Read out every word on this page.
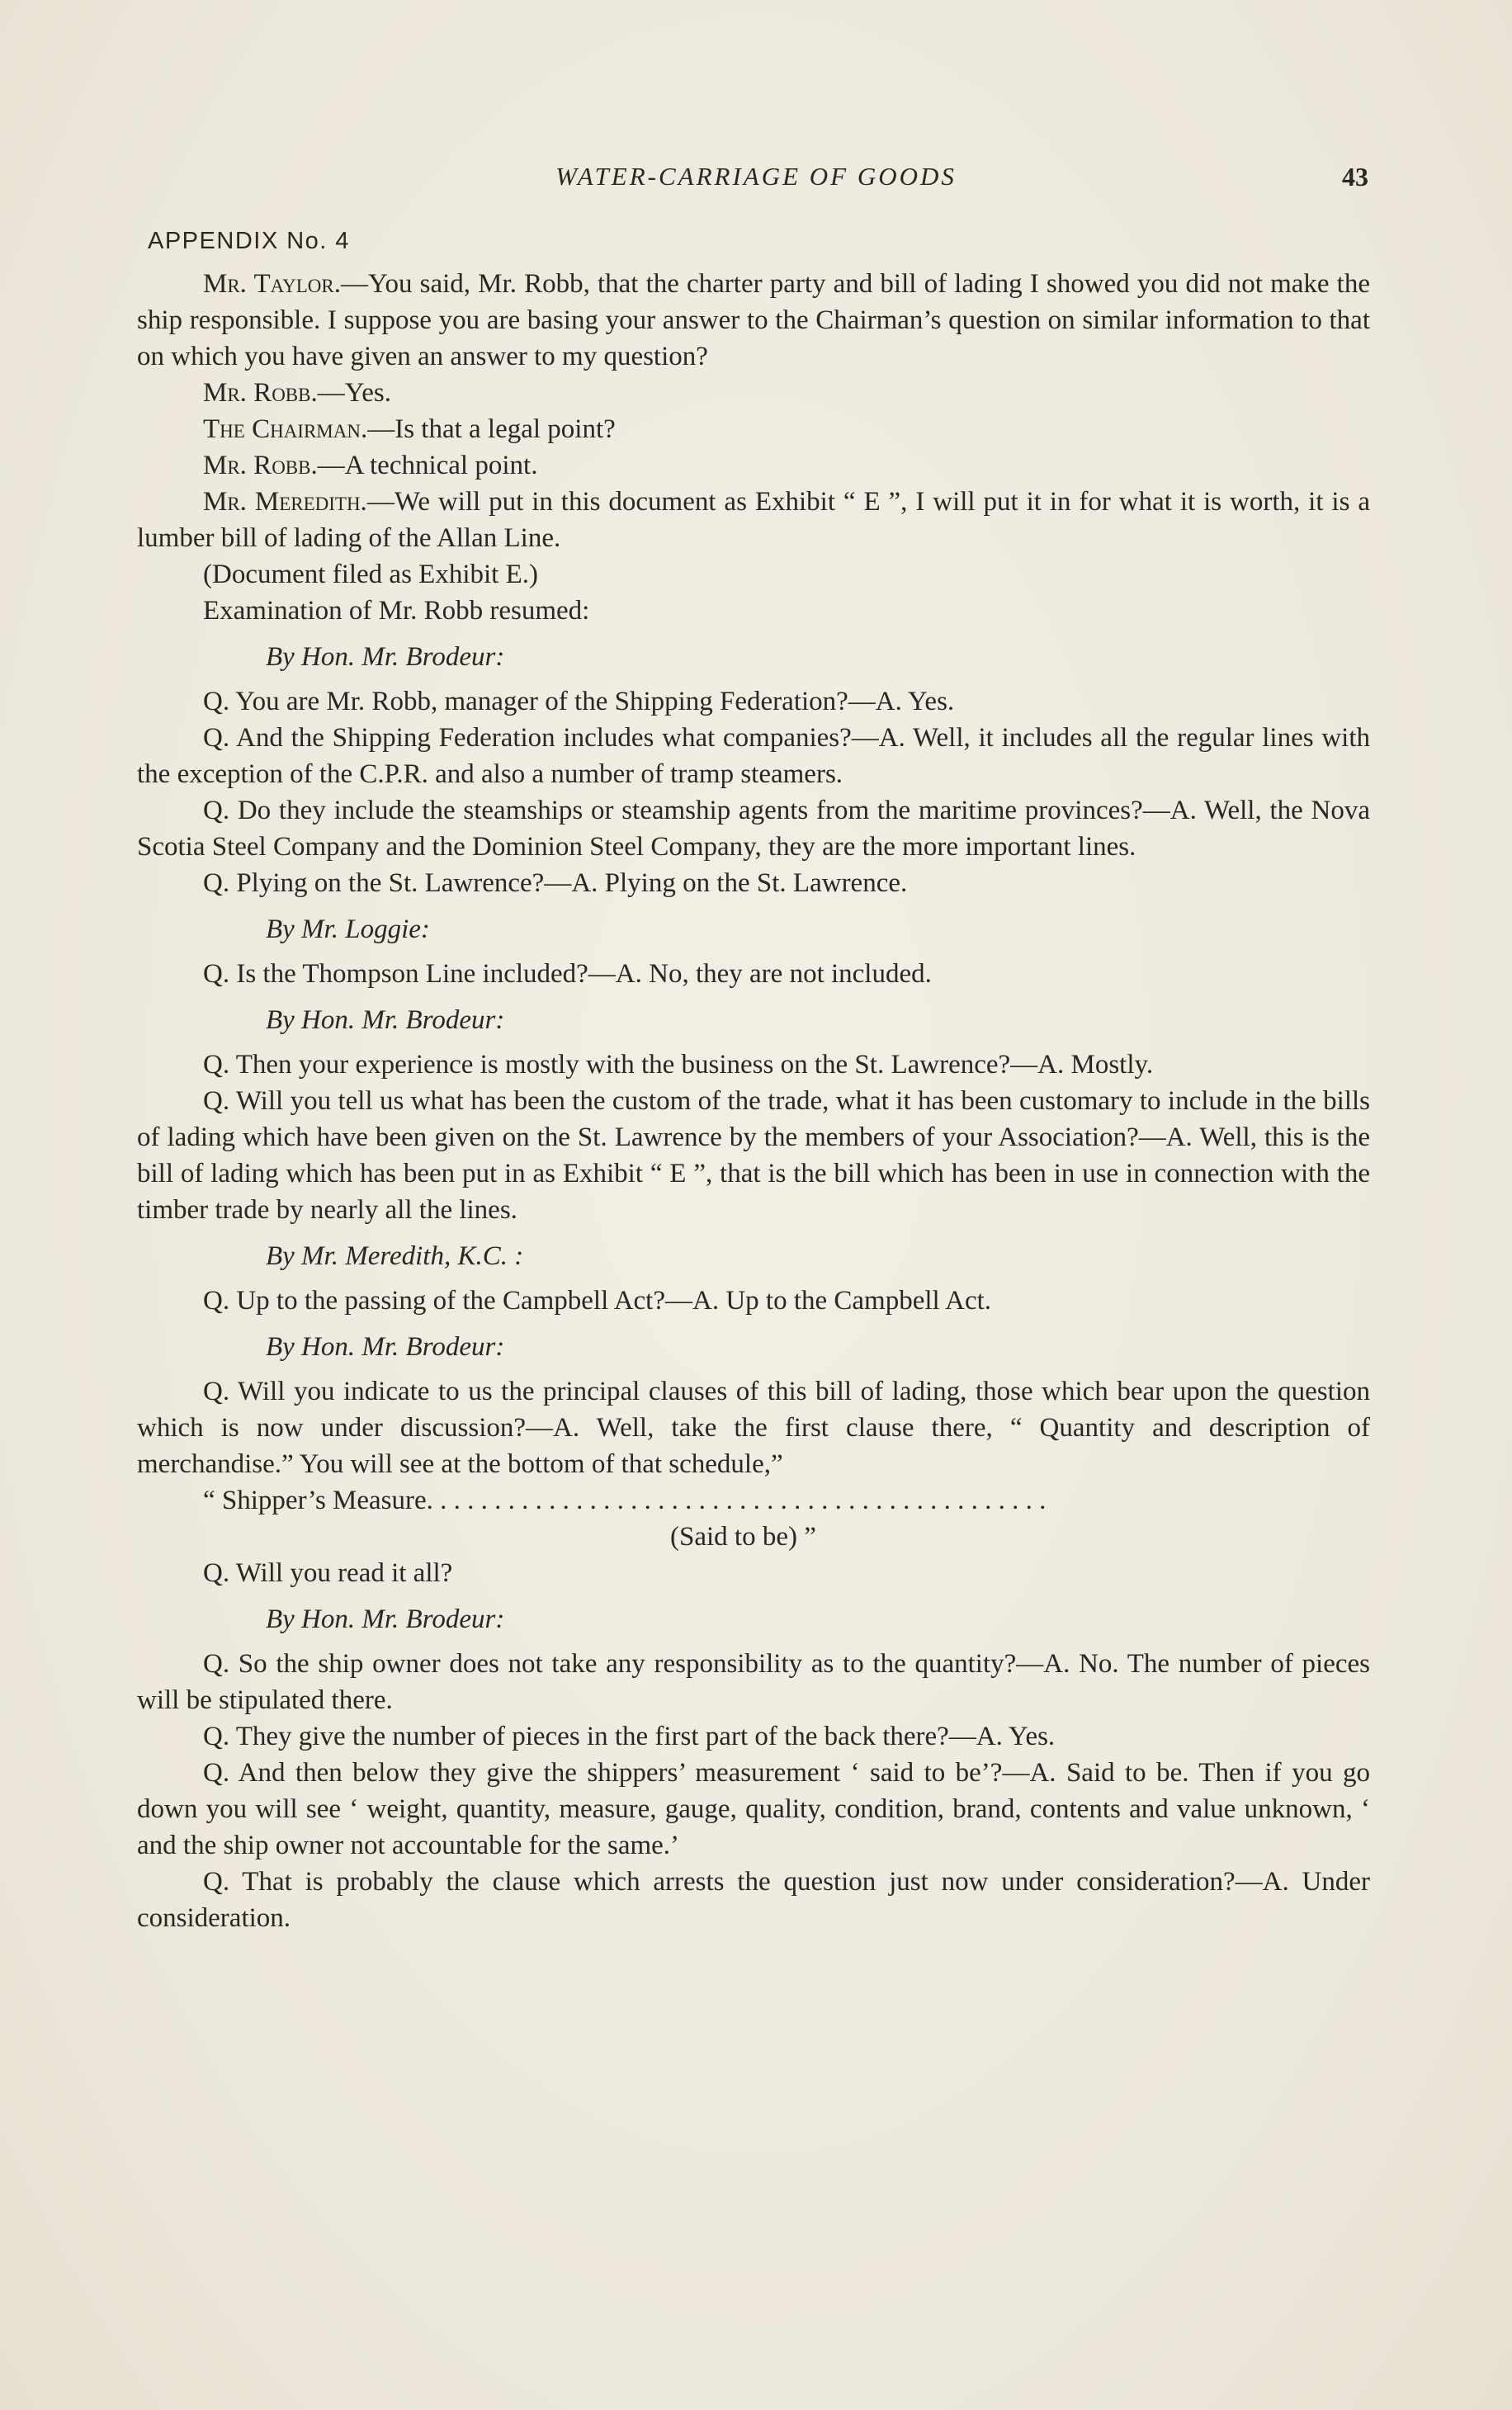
WATER-CARRIAGE OF GOODS	43
APPENDIX No. 4

Mr. Taylor.—You said, Mr. Robb, that the charter party and bill of lading I showed you did not make the ship responsible. I suppose you are basing your answer to the Chairman’s question on similar information to that on which you have given an answer to my question?

Mr. Robb.—Yes.

The Chairman.—Is that a legal point?

Mr. Robb.—A technical point.

Mr. Meredith.—We will put in this document as Exhibit “ E ”, I will put it in for what it is worth, it is a lumber bill of lading of the Allan Line.

(Document filed as Exhibit E.)

Examination of Mr. Robb resumed:

By Hon. Mr. Brodeur:

Q. You are Mr. Robb, manager of the Shipping Federation?—A. Yes.

Q. And the Shipping Federation includes what companies?—A. Well, it includes all the regular lines with the exception of the C.P.R. and also a number of tramp steamers.

Q. Do they include the steamships or steamship agents from the maritime provinces?—A. Well, the Nova Scotia Steel Company and the Dominion Steel Company, they are the more important lines.

Q. Plying on the St. Lawrence?—A. Plying on the St. Lawrence.

By Mr. Loggie:

Q. Is the Thompson Line included?—A. No, they are not included.

By Hon. Mr. Brodeur:

Q. Then your experience is mostly with the business on the St. Lawrence?—A. Mostly.

Q. Will you tell us what has been the custom of the trade, what it has been customary to include in the bills of lading which have been given on the St. Lawrence by the members of your Association?—A. Well, this is the bill of lading which has been put in as Exhibit “ E ”, that is the bill which has been in use in connection with the timber trade by nearly all the lines.

By Mr. Meredith, K.C. :

Q. Up to the passing of the Campbell Act?—A. Up to the Campbell Act.

By Hon. Mr. Brodeur:

Q. Will you indicate to us the principal clauses of this bill of lading, those which bear upon the question which is now under discussion?—A. Well, take the first clause there, “ Quantity and description of merchandise.” You will see at the bottom of that schedule,”

“ Shipper’s Measure. . . . . . . . . . . . . . . . . . . . . . . . . . . . . . . . . . . . . . . . . . . . . .

(Said to be) ”

Q. Will you read it all?

By Hon. Mr. Brodeur:

Q. So the ship owner does not take any responsibility as to the quantity?—A. No. The number of pieces will be stipulated there.

Q. They give the number of pieces in the first part of the back there?—A. Yes.

Q. And then below they give the shippers’ measurement ‘ said to be’?—A. Said to be. Then if you go down you will see ‘ weight, quantity, measure, gauge, quality, condition, brand, contents and value unknown, ‘ and the ship owner not accountable for the same.’

Q. That is probably the clause which arrests the question just now under consideration?—A. Under consideration.
